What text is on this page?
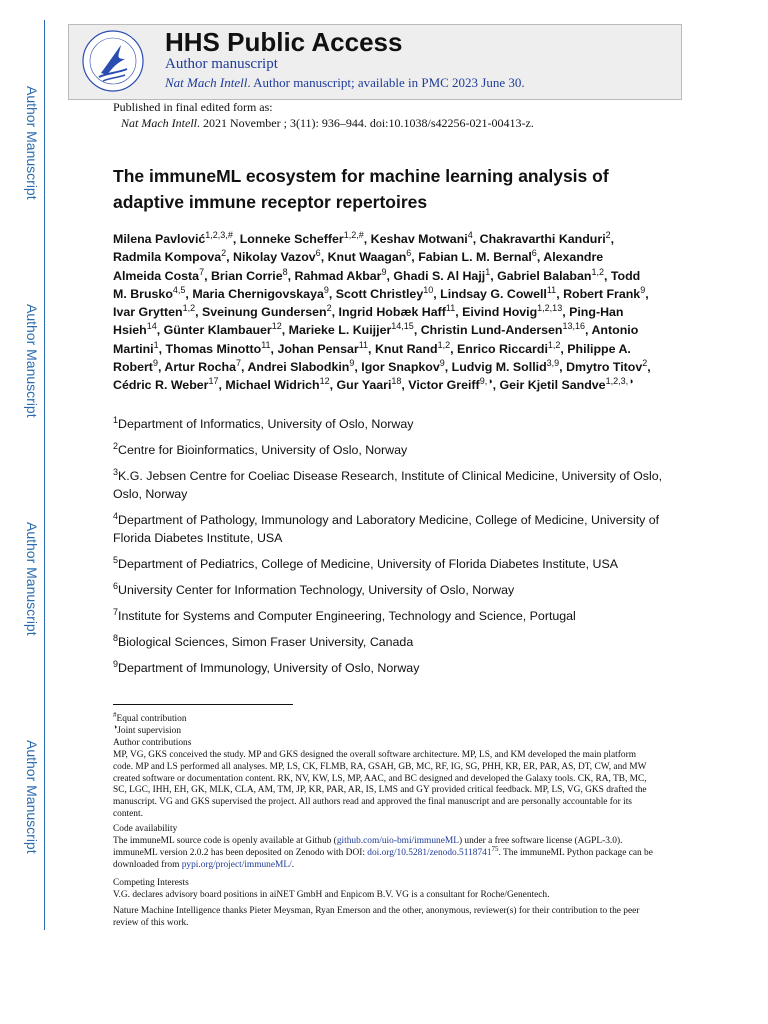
Author Manuscript
Author Manuscript
Author Manuscript
Author Manuscript
HHS Public Access
Author manuscript
Nat Mach Intell. Author manuscript; available in PMC 2023 June 30.
Published in final edited form as:
Nat Mach Intell. 2021 November ; 3(11): 936–944. doi:10.1038/s42256-021-00413-z.
The immuneML ecosystem for machine learning analysis of adaptive immune receptor repertoires

Milena Pavlović$^{1,2,3,\#}$, Lonneke Scheffer$^{1,2,\#}$, Keshav Motwani$^4$, Chakravarthi Kanduri$^2$, Radmila Kompova$^2$, Nikolay Vazov$^6$, Knut Waagan$^6$, Fabian L. M. Bernal$^6$, Alexandre Almeida Costa$^7$, Brian Corrie$^8$, Rahmad Akbar$^9$, Ghadi S. Al Hajj$^1$, Gabriel Balaban$^{1,2}$, Todd M. Brusko$^{4,5}$, Maria Chernigovskaya$^9$, Scott Christley$^{10}$, Lindsay G. Cowell$^{11}$, Robert Frank$^9$, Ivar Grytten$^{1,2}$, Sveinung Gundersen$^2$, Ingrid Hobæk Haff$^{11}$, Eivind Hovig$^{1,2,13}$, Ping-Han Hsieh$^{14}$, Günter Klambauer$^{12}$, Marieke L. Kuijjer$^{14,15}$, Christin Lund-Andersen$^{13,16}$, Antonio Martini$^1$, Thomas Minotto$^{11}$, Johan Pensar$^{11}$, Knut Rand$^{1,2}$, Enrico Riccardi$^{1,2}$, Philippe A. Robert$^9$, Artur Rocha$^7$, Andrei Slabodkin$^9$, Igor Snapkov$^9$, Ludvig M. Sollid$^{3,9}$, Dmytro Titov$^2$, Cédric R. Weber$^{17}$, Michael Widrich$^{12}$, Gur Yaari$^{18}$, Victor Greiff$^{9,◑}$, Geir Kjetil Sandve$^{1,2,3,◑}$

$^1$Department of Informatics, University of Oslo, Norway

$^2$Centre for Bioinformatics, University of Oslo, Norway

$^3$K.G. Jebsen Centre for Coeliac Disease Research, Institute of Clinical Medicine, University of Oslo, Oslo, Norway

$^4$Department of Pathology, Immunology and Laboratory Medicine, College of Medicine, University of Florida Diabetes Institute, USA

$^5$Department of Pediatrics, College of Medicine, University of Florida Diabetes Institute, USA

$^6$University Center for Information Technology, University of Oslo, Norway

$^7$Institute for Systems and Computer Engineering, Technology and Science, Portugal

$^8$Biological Sciences, Simon Fraser University, Canada

$^9$Department of Immunology, University of Oslo, Norway

#Equal contribution

◑Joint supervision

Author contributions

MP, VG, GKS conceived the study. MP and GKS designed the overall software architecture. MP, LS, and KM developed the main platform code. MP and LS performed all analyses. MP, LS, CK, FLMB, RA, GSAH, GB, MC, RF, IG, SG, PHH, KR, ER, PAR, AS, DT, CW, and MW created software or documentation content. RK, NV, KW, LS, MP, AAC, and BC designed and developed the Galaxy tools. CK, RA, TB, MC, SC, LGC, IHH, EH, GK, MLK, CLA, AM, TM, JP, KR, PAR, AR, IS, LMS and GY provided critical feedback. MP, LS, VG, GKS drafted the manuscript. VG and GKS supervised the project. All authors read and approved the final manuscript and are personally accountable for its content.

Code availability

The immuneML source code is openly available at Github (github.com/uio-bmi/immuneML) under a free software license (AGPL-3.0). immuneML version 2.0.2 has been deposited on Zenodo with DOI: doi.org/10.5281/zenodo.5118741$^{75}$. The immuneML Python package can be downloaded from pypi.org/project/immuneML/.

Competing Interests

V.G. declares advisory board positions in aiNET GmbH and Enpicom B.V. VG is a consultant for Roche/Genentech.

Nature Machine Intelligence thanks Pieter Meysman, Ryan Emerson and the other, anonymous, reviewer(s) for their contribution to the peer review of this work.
